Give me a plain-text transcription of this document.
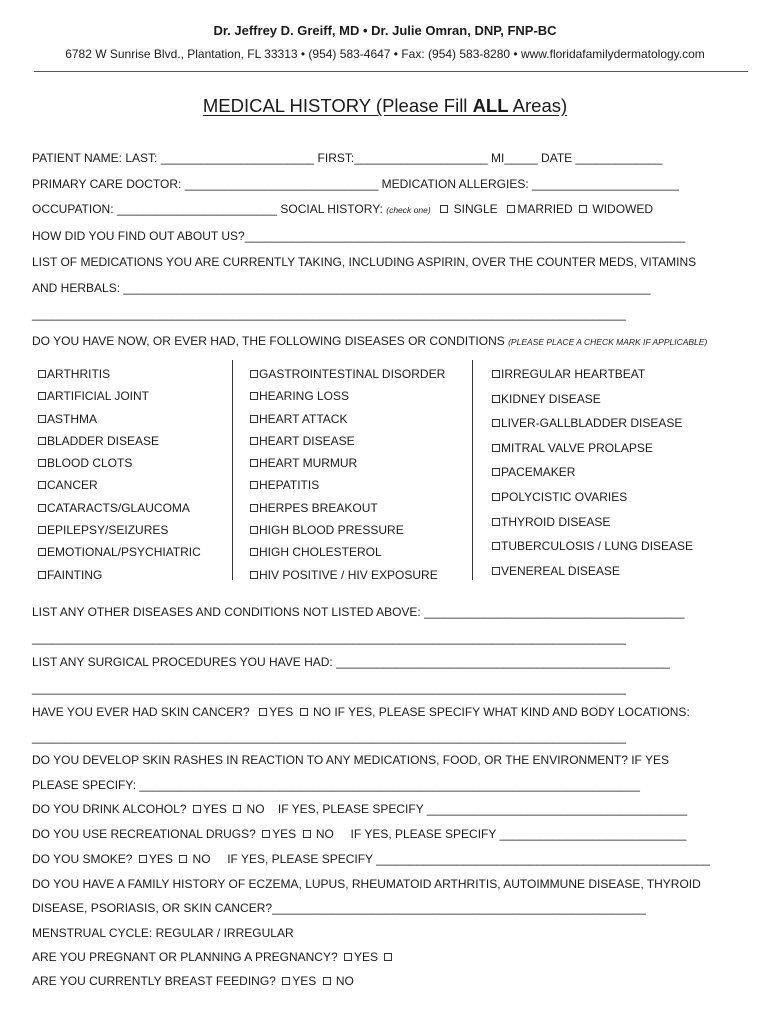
Dr. Jeffrey D. Greiff, MD • Dr. Julie Omran, DNP, FNP-BC
6782 W Sunrise Blvd., Plantation, FL 33313 • (954) 583-4647 • Fax: (954) 583-8280 • www.floridafamilydermatology.com
MEDICAL HISTORY (Please Fill ALL Areas)
PATIENT NAME: LAST: _______________________ FIRST:____________________ MI_____ DATE _____________
PRIMARY CARE DOCTOR: _____________________________ MEDICATION ALLERGIES: ______________________
OCCUPATION: ________________________ SOCIAL HISTORY: (check one) SINGLE MARRIED WIDOWED
HOW DID YOU FIND OUT ABOUT US?__________________________________________________________________
LIST OF MEDICATIONS YOU ARE CURRENTLY TAKING, INCLUDING ASPIRIN, OVER THE COUNTER MEDS, VITAMINS
AND HERBALS: _______________________________________________________________________________
_________________________________________________________________________________________
DO YOU HAVE NOW, OR EVER HAD, THE FOLLOWING DISEASES OR CONDITIONS (PLEASE PLACE A CHECK MARK IF APPLICABLE)
ARTHRITIS
ARTIFICIAL JOINT
ASTHMA
BLADDER DISEASE
BLOOD CLOTS
CANCER
CATARACTS/GLAUCOMA
EPILEPSY/SEIZURES
EMOTIONAL/PSYCHIATRIC
FAINTING
GASTROINTESTINAL DISORDER
HEARING LOSS
HEART ATTACK
HEART DISEASE
HEART MURMUR
HEPATITIS
HERPES BREAKOUT
HIGH BLOOD PRESSURE
HIGH CHOLESTEROL
HIV POSITIVE / HIV EXPOSURE
IRREGULAR HEARTBEAT
KIDNEY DISEASE
LIVER-GALLBLADDER DISEASE
MITRAL VALVE PROLAPSE
PACEMAKER
POLYCISTIC OVARIES
THYROID DISEASE
TUBERCULOSIS / LUNG DISEASE
VENEREAL DISEASE
LIST ANY OTHER DISEASES AND CONDITIONS NOT LISTED ABOVE: _______________________________________
_________________________________________________________________________________________
LIST ANY SURGICAL PROCEDURES YOU HAVE HAD: __________________________________________________
_________________________________________________________________________________________
HAVE YOU EVER HAD SKIN CANCER? YES NO IF YES, PLEASE SPECIFY WHAT KIND AND BODY LOCATIONS:
_________________________________________________________________________________________
DO YOU DEVELOP SKIN RASHES IN REACTION TO ANY MEDICATIONS, FOOD, OR THE ENVIRONMENT? IF YES
PLEASE SPECIFY: ___________________________________________________________________________
DO YOU DRINK ALCOHOL? YES NO IF YES, PLEASE SPECIFY _______________________________________
DO YOU USE RECREATIONAL DRUGS? YES NO IF YES, PLEASE SPECIFY ____________________________
DO YOU SMOKE? YES NO IF YES, PLEASE SPECIFY __________________________________________________
DO YOU HAVE A FAMILY HISTORY OF ECZEMA, LUPUS, RHEUMATOID ARTHRITIS, AUTOIMMUNE DISEASE, THYROID
DISEASE, PSORIASIS, OR SKIN CANCER?________________________________________________________
MENSTRUAL CYCLE: REGULAR / IRREGULAR
ARE YOU PREGNANT OR PLANNING A PREGNANCY? YES
ARE YOU CURRENTLY BREAST FEEDING? YES NO
